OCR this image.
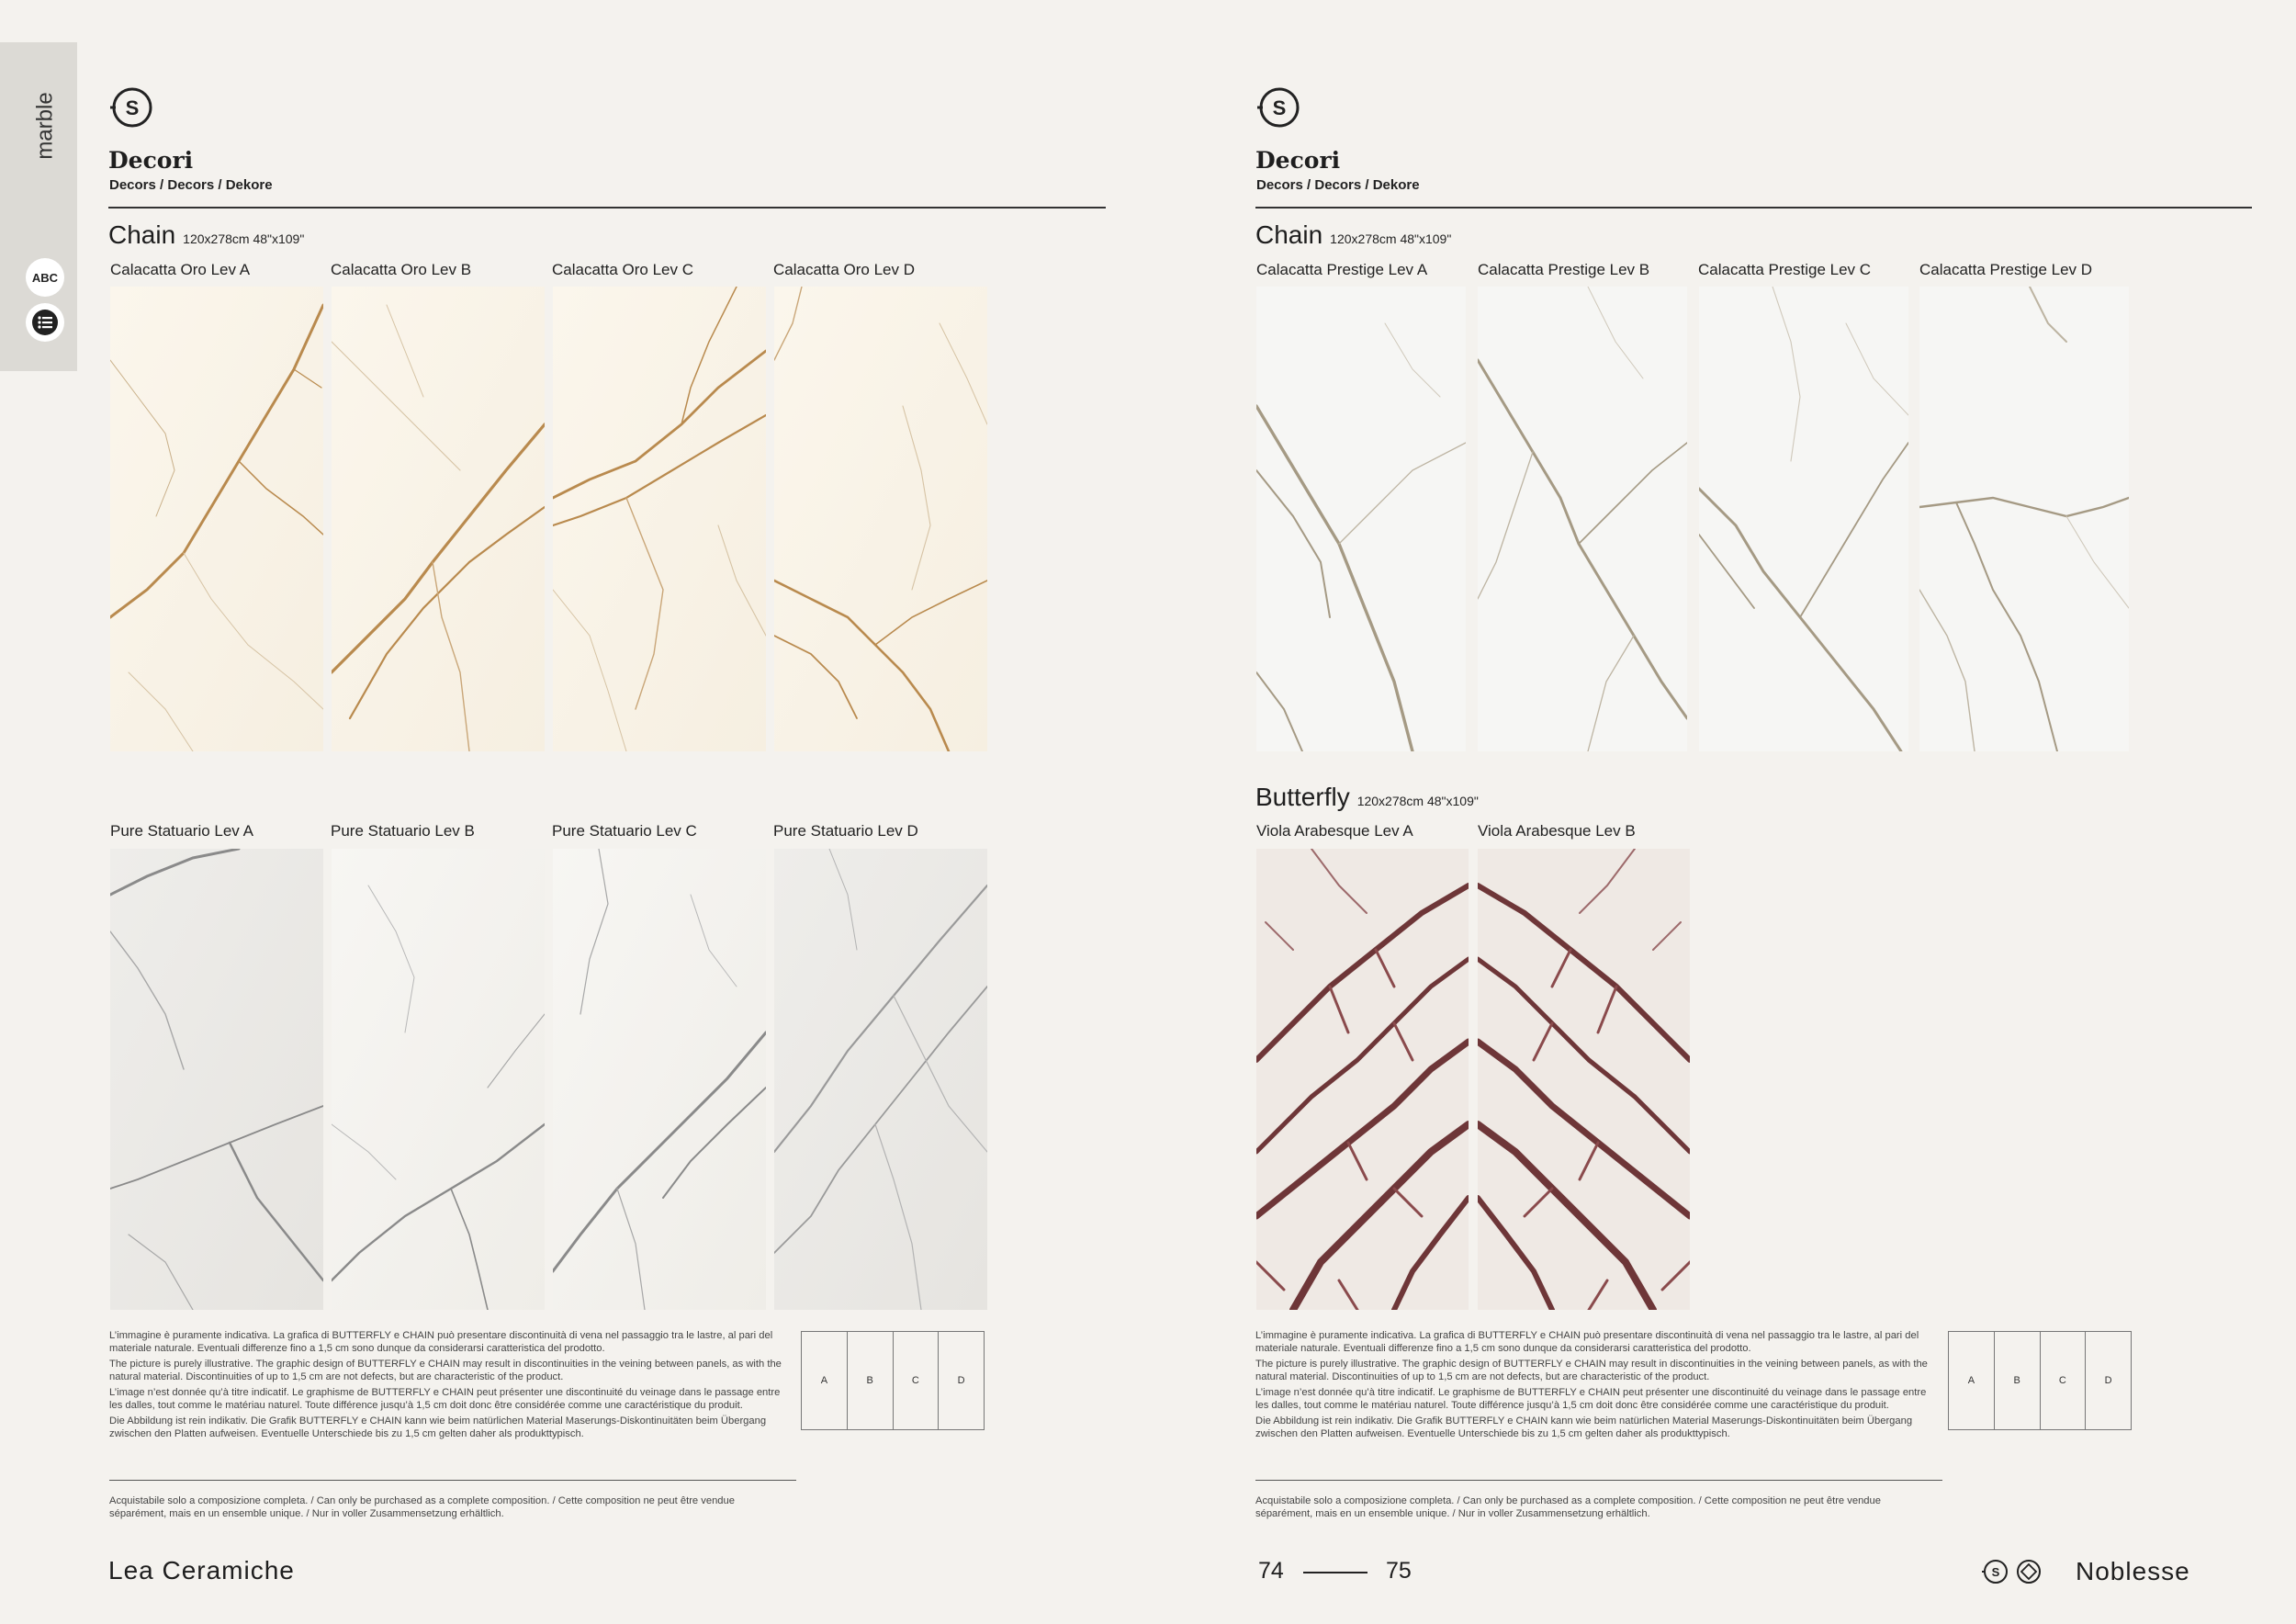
marble
ABC
S
Decori
Decors / Decors / Dekore
Chain 120x278cm 48"x109"
Calacatta Oro Lev A	Calacatta Oro Lev B	Calacatta Oro Lev C	Calacatta Oro Lev D
Pure Statuario Lev A	Pure Statuario Lev B	Pure Statuario Lev C	Pure Statuario Lev D

L’immagine è puramente indicativa. La grafica di BUTTERFLY e CHAIN può presentare discontinuità di vena nel passaggio tra le lastre, al pari del materiale naturale. Eventuali differenze fino a 1,5 cm sono dunque da considerarsi caratteristica del prodotto.

The picture is purely illustrative. The graphic design of BUTTERFLY e CHAIN may result in discontinuities in the veining between panels, as with the natural material. Discontinuities of up to 1,5 cm are not defects, but are characteristic of the product.

L’image n’est donnée qu’à titre indicatif. Le graphisme de BUTTERFLY e CHAIN peut présenter une discontinuité du veinage dans le passage entre les dalles, tout comme le matériau naturel. Toute différence jusqu’à 1,5 cm doit donc être considérée comme une caractéristique du produit.

Die Abbildung ist rein indikativ. Die Grafik BUTTERFLY e CHAIN kann wie beim natürlichen Material Maserungs-Diskontinuitäten beim Übergang zwischen den Platten aufweisen. Eventuelle Unterschiede bis zu 1,5 cm gelten daher als produkttypisch.

Acquistabile solo a composizione completa. / Can only be purchased as a complete composition. / Cette composition ne peut être vendue séparément, mais en un ensemble unique. / Nur in voller Zusammensetzung erhältlich.
A	B	C	D
Lea Ceramiche
S
Decori
Decors / Decors / Dekore
Chain 120x278cm 48"x109"
Calacatta Prestige Lev A	Calacatta Prestige Lev B	Calacatta Prestige Lev C	Calacatta Prestige Lev D
Butterfly 120x278cm 48"x109"
Viola Arabesque Lev A	Viola Arabesque Lev B

L’immagine è puramente indicativa. La grafica di BUTTERFLY e CHAIN può presentare discontinuità di vena nel passaggio tra le lastre, al pari del materiale naturale. Eventuali differenze fino a 1,5 cm sono dunque da considerarsi caratteristica del prodotto.

The picture is purely illustrative. The graphic design of BUTTERFLY e CHAIN may result in discontinuities in the veining between panels, as with the natural material. Discontinuities of up to 1,5 cm are not defects, but are characteristic of the product.

L’image n’est donnée qu’à titre indicatif. Le graphisme de BUTTERFLY e CHAIN peut présenter une discontinuité du veinage dans le passage entre les dalles, tout comme le matériau naturel. Toute différence jusqu’à 1,5 cm doit donc être considérée comme une caractéristique du produit.

Die Abbildung ist rein indikativ. Die Grafik BUTTERFLY e CHAIN kann wie beim natürlichen Material Maserungs-Diskontinuitäten beim Übergang zwischen den Platten aufweisen. Eventuelle Unterschiede bis zu 1,5 cm gelten daher als produkttypisch.

Acquistabile solo a composizione completa. / Can only be purchased as a complete composition. / Cette composition ne peut être vendue séparément, mais en un ensemble unique. / Nur in voller Zusammensetzung erhältlich.
A	B	C	D
74	75	S	Noblesse
